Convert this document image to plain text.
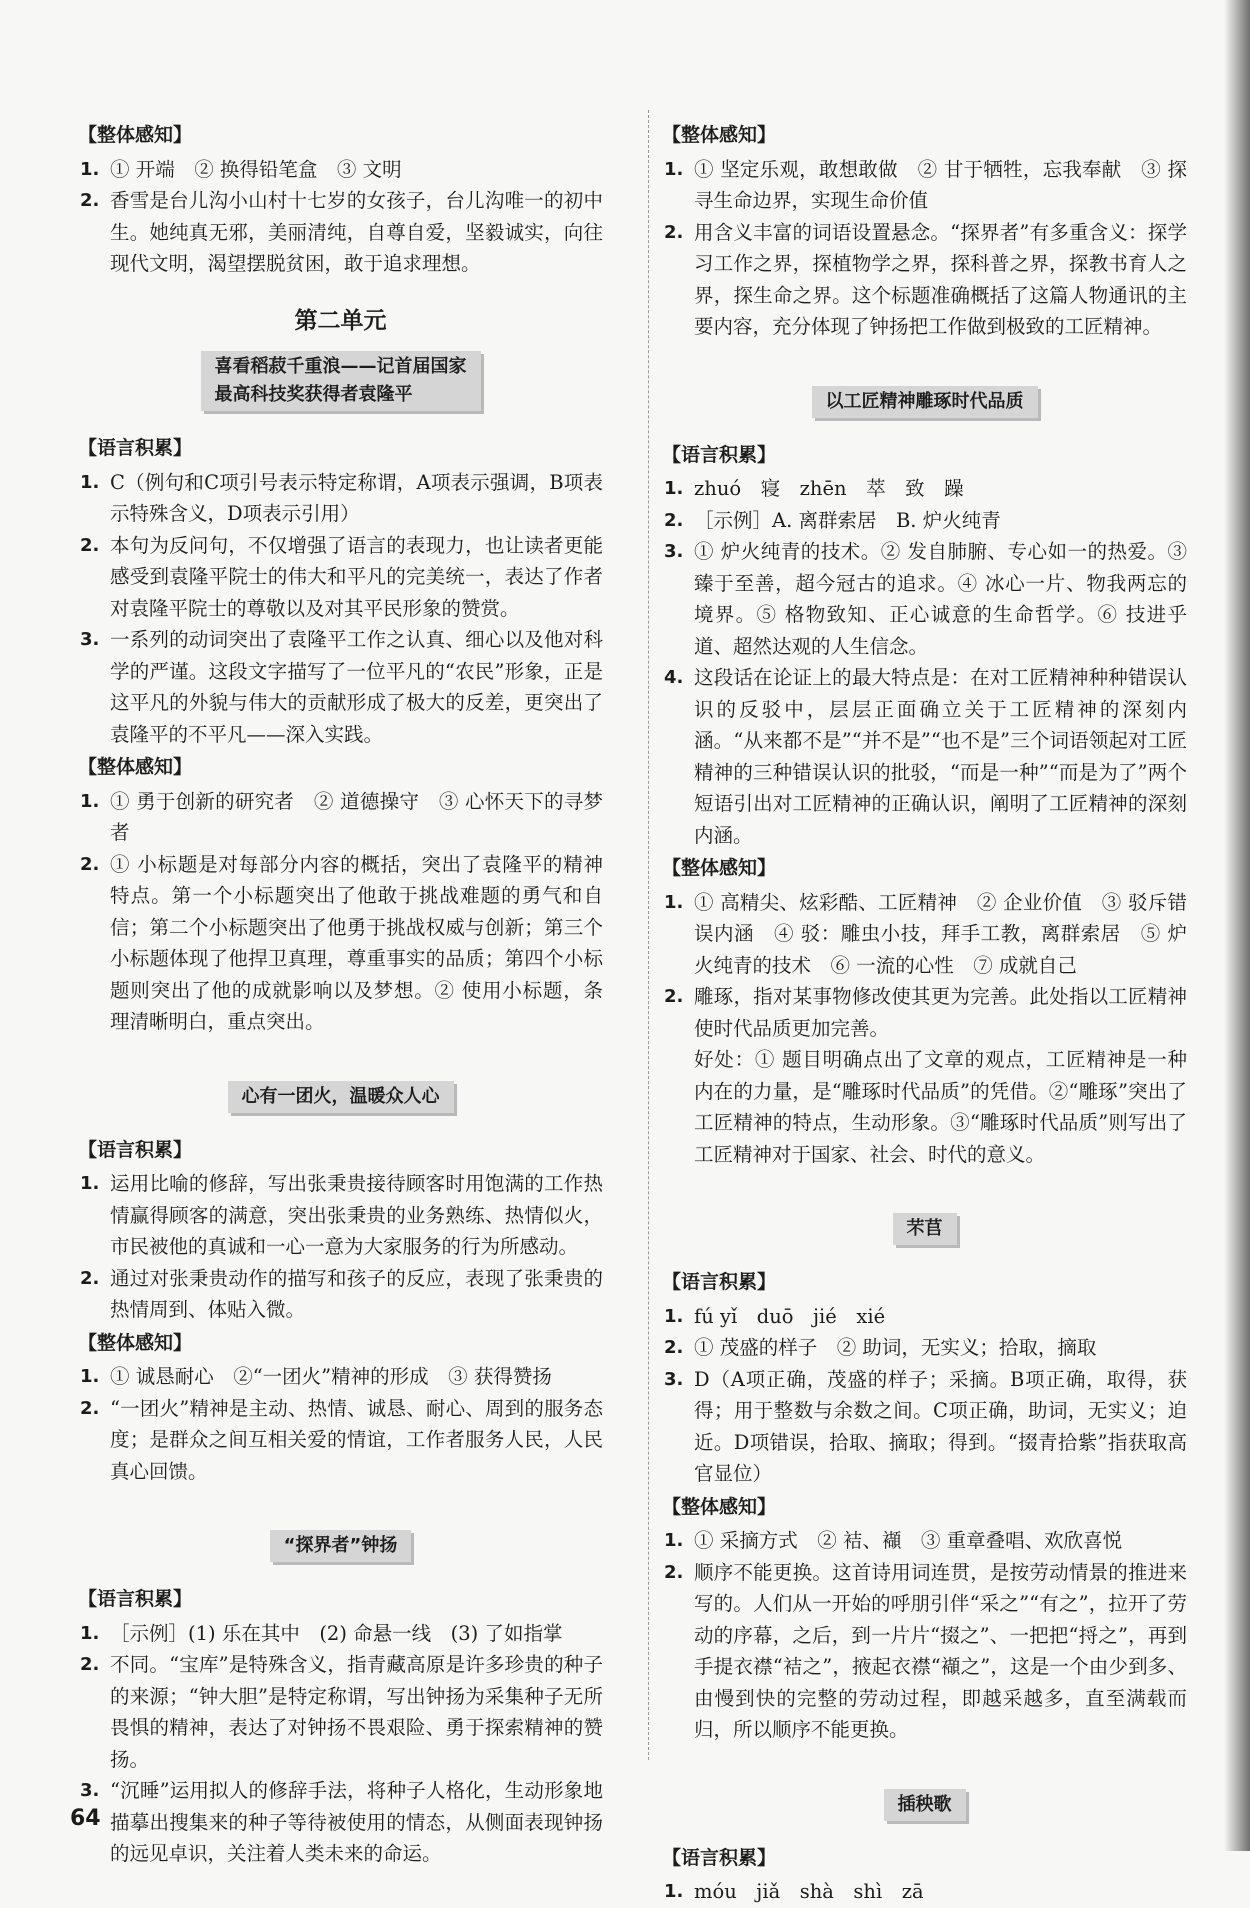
【整体感知】
1. ① 开端　② 换得铅笔盒　③ 文明
2. 香雪是台儿沟小山村十七岁的女孩子，台儿沟唯一的初中生。她纯真无邪，美丽清纯，自尊自爱，坚毅诚实，向往现代文明，渴望摆脱贫困，敢于追求理想。
第二单元
喜看稻菽千重浪——记首届国家
最高科技奖获得者袁隆平
【语言积累】
1. C（例句和C项引号表示特定称谓，A项表示强调，B项表示特殊含义，D项表示引用）
2. 本句为反问句，不仅增强了语言的表现力，也让读者更能感受到袁隆平院士的伟大和平凡的完美统一，表达了作者对袁隆平院士的尊敬以及对其平民形象的赞赏。
3. 一系列的动词突出了袁隆平工作之认真、细心以及他对科学的严谨。这段文字描写了一位平凡的“农民”形象，正是这平凡的外貌与伟大的贡献形成了极大的反差，更突出了袁隆平的不平凡——深入实践。
【整体感知】
1. ① 勇于创新的研究者　② 道德操守　③ 心怀天下的寻梦者
2. ① 小标题是对每部分内容的概括，突出了袁隆平的精神特点。第一个小标题突出了他敢于挑战难题的勇气和自信；第二个小标题突出了他勇于挑战权威与创新；第三个小标题体现了他捍卫真理，尊重事实的品质；第四个小标题则突出了他的成就影响以及梦想。② 使用小标题，条理清晰明白，重点突出。
心有一团火，温暖众人心
【语言积累】
1. 运用比喻的修辞，写出张秉贵接待顾客时用饱满的工作热情赢得顾客的满意，突出张秉贵的业务熟练、热情似火，市民被他的真诚和一心一意为大家服务的行为所感动。
2. 通过对张秉贵动作的描写和孩子的反应，表现了张秉贵的热情周到、体贴入微。
【整体感知】
1. ① 诚恳耐心　②“一团火”精神的形成　③ 获得赞扬
2. “一团火”精神是主动、热情、诚恳、耐心、周到的服务态度；是群众之间互相关爱的情谊，工作者服务人民，人民真心回馈。
“探界者”钟扬
【语言积累】
1. ［示例］(1) 乐在其中　(2) 命悬一线　(3) 了如指掌
2. 不同。“宝库”是特殊含义，指青藏高原是许多珍贵的种子的来源；“钟大胆”是特定称谓，写出钟扬为采集种子无所畏惧的精神，表达了对钟扬不畏艰险、勇于探索精神的赞扬。
3. “沉睡”运用拟人的修辞手法，将种子人格化，生动形象地描摹出搜集来的种子等待被使用的情态，从侧面表现钟扬的远见卓识，关注着人类未来的命运。
【整体感知】
1. ① 坚定乐观，敢想敢做　② 甘于牺牲，忘我奉献　③ 探寻生命边界，实现生命价值
2. 用含义丰富的词语设置悬念。“探界者”有多重含义：探学习工作之界，探植物学之界，探科普之界，探教书育人之界，探生命之界。这个标题准确概括了这篇人物通讯的主要内容，充分体现了钟扬把工作做到极致的工匠精神。
以工匠精神雕琢时代品质
【语言积累】
1. zhuó　寝　zhēn　萃　致　躁
2. ［示例］A. 离群索居　B. 炉火纯青
3. ① 炉火纯青的技术。② 发自肺腑、专心如一的热爱。③ 臻于至善，超今冠古的追求。④ 冰心一片、物我两忘的境界。⑤ 格物致知、正心诚意的生命哲学。⑥ 技进乎道、超然达观的人生信念。
4. 这段话在论证上的最大特点是：在对工匠精神种种错误认识的反驳中，层层正面确立关于工匠精神的深刻内涵。“从来都不是”“并不是”“也不是”三个词语领起对工匠精神的三种错误认识的批驳，“而是一种”“而是为了”两个短语引出对工匠精神的正确认识，阐明了工匠精神的深刻内涵。
【整体感知】
1. ① 高精尖、炫彩酷、工匠精神　② 企业价值　③ 驳斥错误内涵　④ 驳：雕虫小技，拜手工教，离群索居　⑤ 炉火纯青的技术　⑥ 一流的心性　⑦ 成就自己
2. 雕琢，指对某事物修改使其更为完善。此处指以工匠精神使时代品质更加完善。
好处：① 题目明确点出了文章的观点，工匠精神是一种内在的力量，是“雕琢时代品质”的凭借。②“雕琢”突出了工匠精神的特点，生动形象。③“雕琢时代品质”则写出了工匠精神对于国家、社会、时代的意义。
芣苢
【语言积累】
1. fú yǐ　duō　jié　xié
2. ① 茂盛的样子　② 助词，无实义；拾取，摘取
3. D（A项正确，茂盛的样子；采摘。B项正确，取得，获得；用于整数与余数之间。C项正确，助词，无实义；迫近。D项错误，拾取、摘取；得到。“掇青拾紫”指获取高官显位）
【整体感知】
1. ① 采摘方式　② 袺、襭　③ 重章叠唱、欢欣喜悦
2. 顺序不能更换。这首诗用词连贯，是按劳动情景的推进来写的。人们从一开始的呼朋引伴“采之”“有之”，拉开了劳动的序幕，之后，到一片片“掇之”、一把把“捋之”，再到手提衣襟“袺之”，掖起衣襟“襭之”，这是一个由少到多、由慢到快的完整的劳动过程，即越采越多，直至满载而归，所以顺序不能更换。
插秧歌
【语言积累】
1. móu　jiǎ　shà　shì　zā
64
